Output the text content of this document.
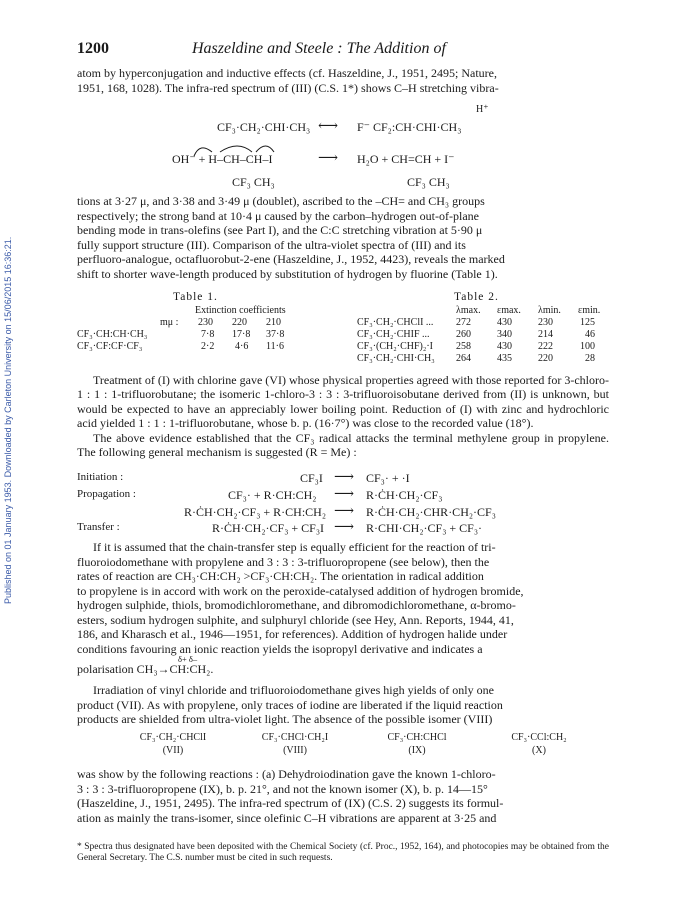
Published on 01 January 1953. Downloaded by Carleton University on 15/06/2015 16:36:21.
1200	Haszeldine and Steele : The Addition of
atom by hyperconjugation and inductive effects (cf. Haszeldine, J., 1951, 2495; Nature,
1951, 168, 1028). The infra-red spectrum of (III) (C.S. 1*) shows C–H stretching vibra-
H⁺
CF₃·CH₂·CHI·CH₃ ⟷ F⁻ CF₂:CH·CHI·CH₃
OH⁻ + H–CH–CH–I
CF₃ CH₃
⟶ H₂O + CH=CH + I⁻
CF₃ CH₃
tions at 3·27 μ, and 3·38 and 3·49 μ (doublet), ascribed to the –CH= and CH₃ groups
respectively; the strong band at 10·4 μ caused by the carbon–hydrogen out-of-plane
bending mode in trans-olefins (see Part I), and the C:C stretching vibration at 5·90 μ
fully support structure (III). Comparison of the ultra-violet spectra of (III) and its
perfluoro-analogue, octafluorobut-2-ene (Haszeldine, J., 1952, 4423), reveals the marked
shift to shorter wave-length produced by substitution of hydrogen by fluorine (Table 1).
Table 1.
Extinction coefficients
mμ : 230 220 210
CF₃·CH:CH·CH₃	7·8 17·8 37·8
CF₃·CF:CF·CF₃	2·2 4·6 11·6
Table 2.
λmax. εmax. λmin. εmin.
CF₃·CH₂·CHClI ... 272	430	230	125
CF₃·CH₂·CHIF ...	260	340	214	46
CF₃·(CH₂·CHF)₂·I 258	430	222	100
CF₃·CH₂·CHI·CH₃ 264	435	220	28

Treatment of (I) with chlorine gave (VI) whose physical properties agreed with those reported for 3-chloro-1 : 1 : 1-trifluorobutane; the isomeric 1-chloro-3 : 3 : 3-trifluoroisobutane derived from (II) is unknown, but would be expected to have an appreciably lower boiling point. Reduction of (I) with zinc and hydrochloric acid yielded 1 : 1 : 1-trifluorobutane, whose b. p. (16·7°) was close to the recorded value (18°).

The above evidence established that the CF₃ radical attacks the terminal methylene group in propylene. The following general mechanism is suggested (R = Me) :

Initiation :	CF₃I ⟶ CF₃· + ·I
Propagation :	CF₃· + R·CH:CH₂ ⟶ R·ĊH·CH₂·CF₃
R·ĊH·CH₂·CF₃ + R·CH:CH₂ ⟶ R·ĊH·CH₂·CHR·CH₂·CF₃
Transfer :	R·ĊH·CH₂·CF₃ + CF₃I ⟶ R·CHI·CH₂·CF₃ + CF₃·
If it is assumed that the chain-transfer step is equally efficient for the reaction of tri-
fluoroiodomethane with propylene and 3 : 3 : 3-trifluoropropene (see below), then the
rates of reaction are CH₃·CH:CH₂ >CF₃·CH:CH₂. The orientation in radical addition
to propylene is in accord with work on the peroxide-catalysed addition of hydrogen bromide,
hydrogen sulphide, thiols, bromodichloromethane, and dibromodichloromethane, α-bromo-
esters, sodium hydrogen sulphite, and sulphuryl chloride (see Hey, Ann. Reports, 1944, 41,
186, and Kharasch et al., 1946—1951, for references). Addition of hydrogen halide under
conditions favouring an ionic reaction yields the isopropyl derivative and indicates a
δ+ δ–
polarisation CH₃→CH:CH₂.
Irradiation of vinyl chloride and trifluoroiodomethane gives high yields of only one
product (VII). As with propylene, only traces of iodine are liberated if the liquid reaction
products are shielded from ultra-violet light. The absence of the possible isomer (VIII)
CF₃·CH₂·CHClI
(VII)
CF₃·CHCl·CH₂I
(VIII)
CF₃·CH:CHCl
(IX)
CF₃·CCl:CH₂
(X)
was show by the following reactions : (a) Dehydroiodination gave the known 1-chloro-
3 : 3 : 3-trifluoropropene (IX), b. p. 21°, and not the known isomer (X), b. p. 14—15°
(Haszeldine, J., 1951, 2495). The infra-red spectrum of (IX) (C.S. 2) suggests its formul-
ation as mainly the trans-isomer, since olefinic C–H vibrations are apparent at 3·25 and
* Spectra thus designated have been deposited with the Chemical Society (cf. Proc., 1952, 164), and photocopies may be obtained from the General Secretary. The C.S. number must be cited in such requests.
